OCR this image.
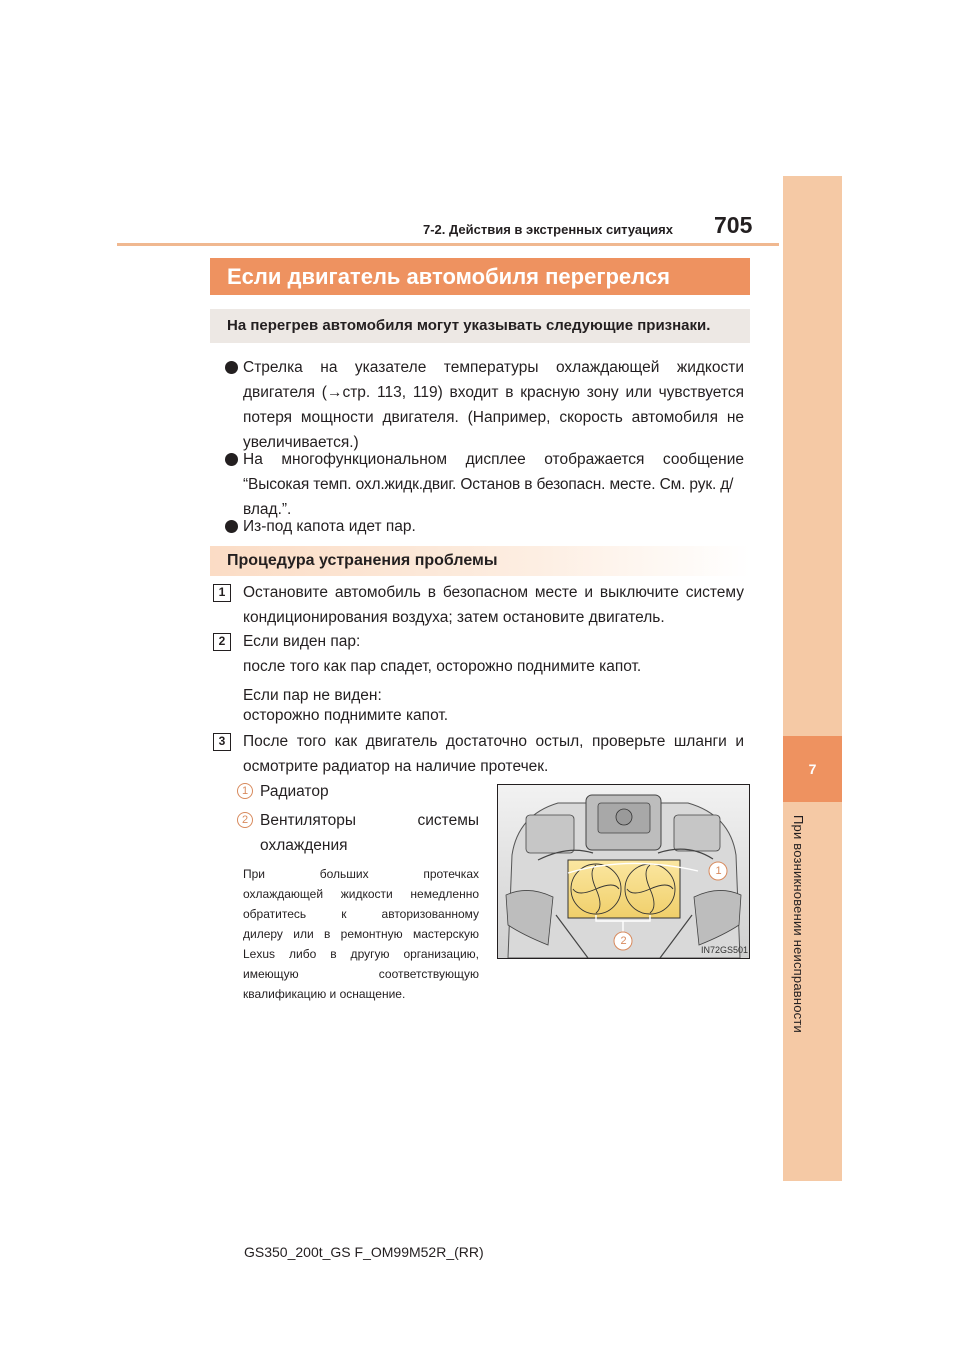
7-2. Действия в экстренных ситуациях 705
7
При возникновении неисправности
Если двигатель автомобиля перегрелся
На перегрев автомобиля могут указывать следующие признаки.
Стрелка на указателе температуры охлаждающей жидкости
двигателя (→стр. 113, 119) входит в красную зону или чувствуется
потеря мощности двигателя. (Например, скорость автомобиля не
увеличивается.)
На многофункциональном дисплее отображается сообщение
“Высокая темп. охл.жидк.двиг. Останов в безопасн. месте. См. рук. д/
влад.”.
Из-под капота идет пар.
Процедура устранения проблемы
1	Остановите автомобиль в безопасном месте и выключите систему
кондиционирования воздуха; затем остановите двигатель.
2	Если виден пар:
после того как пар спадет, осторожно поднимите капот.
Если пар не виден:
осторожно поднимите капот.
3	После того как двигатель достаточно остыл, проверьте шланги и
осмотрите радиатор на наличие протечек.
1 Радиатор
2 Вентиляторы системы
охлаждения
При больших протечках
охлаждающей жидкости немедленно
обратитесь к авторизованному
дилеру или в ремонтную мастерскую
Lexus либо в другую организацию,
имеющую соответствующую
квалификацию и оснащение.
1
2
IN72GS501
GS350_200t_GS F_OM99M52R_(RR)
